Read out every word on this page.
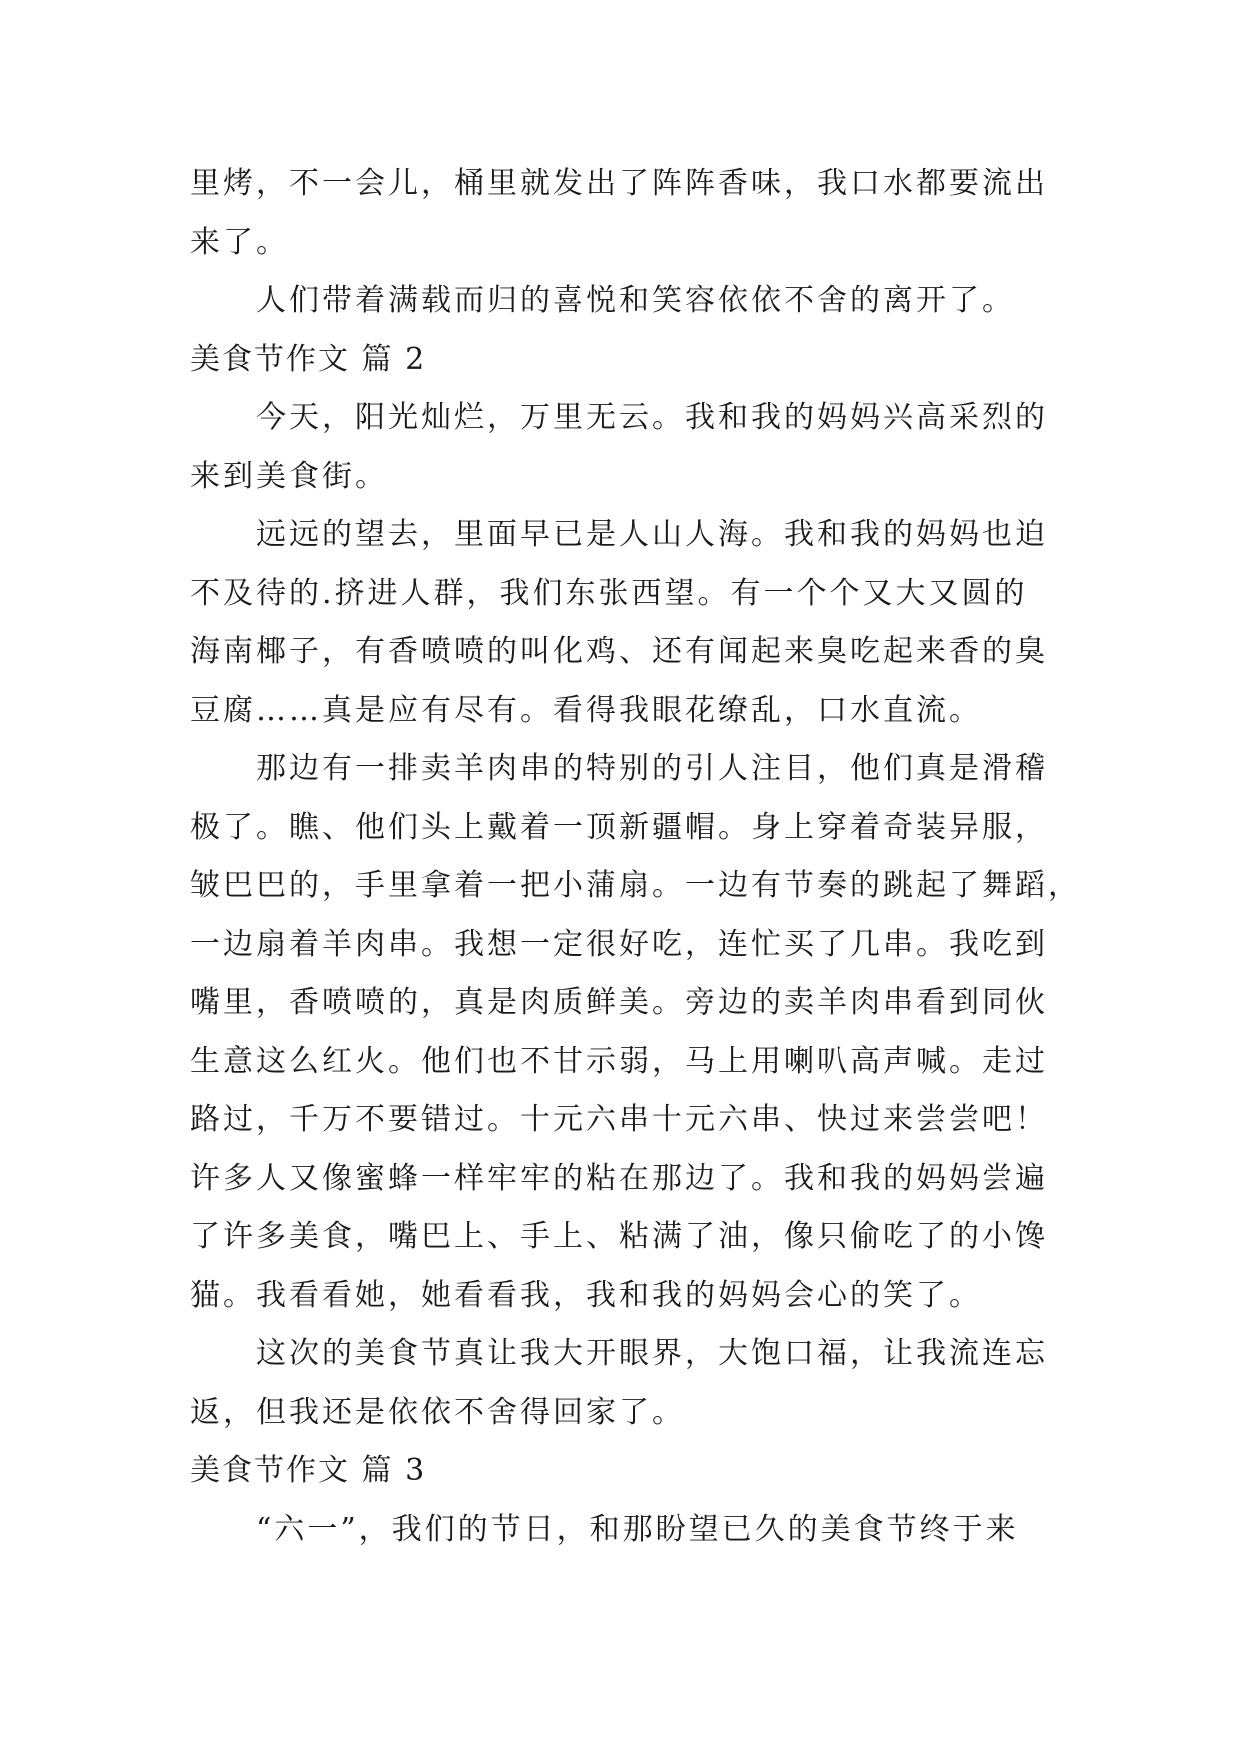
里烤，不一会儿，桶里就发出了阵阵香味，我口水都要流出
来了。
人们带着满载而归的喜悦和笑容依依不舍的离开了。
美食节作文 篇 2
今天，阳光灿烂，万里无云。我和我的妈妈兴高采烈的
来到美食街。
远远的望去，里面早已是人山人海。我和我的妈妈也迫
不及待的.挤进人群，我们东张西望。有一个个又大又圆的
海南椰子，有香喷喷的叫化鸡、还有闻起来臭吃起来香的臭
豆腐……真是应有尽有。看得我眼花缭乱，口水直流。
那边有一排卖羊肉串的特别的引人注目，他们真是滑稽
极了。瞧、他们头上戴着一顶新疆帽。身上穿着奇装异服，
皱巴巴的，手里拿着一把小蒲扇。一边有节奏的跳起了舞蹈，
一边扇着羊肉串。我想一定很好吃，连忙买了几串。我吃到
嘴里，香喷喷的，真是肉质鲜美。旁边的卖羊肉串看到同伙
生意这么红火。他们也不甘示弱，马上用喇叭高声喊。走过
路过，千万不要错过。十元六串十元六串、快过来尝尝吧！
许多人又像蜜蜂一样牢牢的粘在那边了。我和我的妈妈尝遍
了许多美食，嘴巴上、手上、粘满了油，像只偷吃了的小馋
猫。我看看她，她看看我，我和我的妈妈会心的笑了。
这次的美食节真让我大开眼界，大饱口福，让我流连忘
返，但我还是依依不舍得回家了。
美食节作文 篇 3
“六一”，我们的节日，和那盼望已久的美食节终于来
